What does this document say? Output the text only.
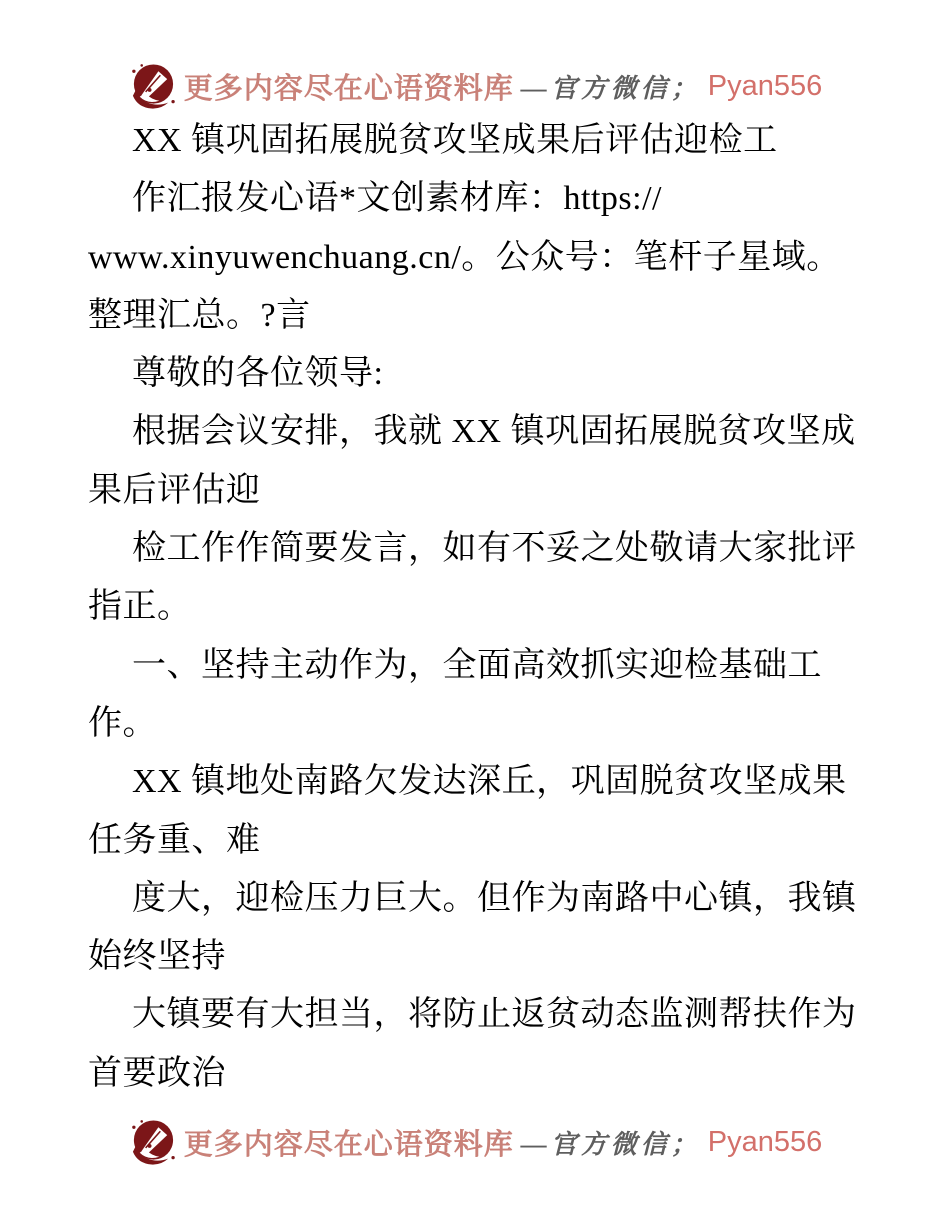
更多内容尽在心语资料库 —官方微信； Pyan556
XX 镇巩固拓展脱贫攻坚成果后评估迎检工
作汇报发心语*文创素材库：https://
www.xinyuwenchuang.cn/。公众号：笔杆子星域。
整理汇总。?言
尊敬的各位领导:
根据会议安排，我就 XX 镇巩固拓展脱贫攻坚成
果后评估迎
检工作作简要发言，如有不妥之处敬请大家批评
指正。
一、坚持主动作为，全面高效抓实迎检基础工
作。
XX 镇地处南路欠发达深丘，巩固脱贫攻坚成果
任务重、难
度大，迎检压力巨大。但作为南路中心镇，我镇
始终坚持
大镇要有大担当，将防止返贫动态监测帮扶作为
首要政治
更多内容尽在心语资料库 —官方微信； Pyan556
